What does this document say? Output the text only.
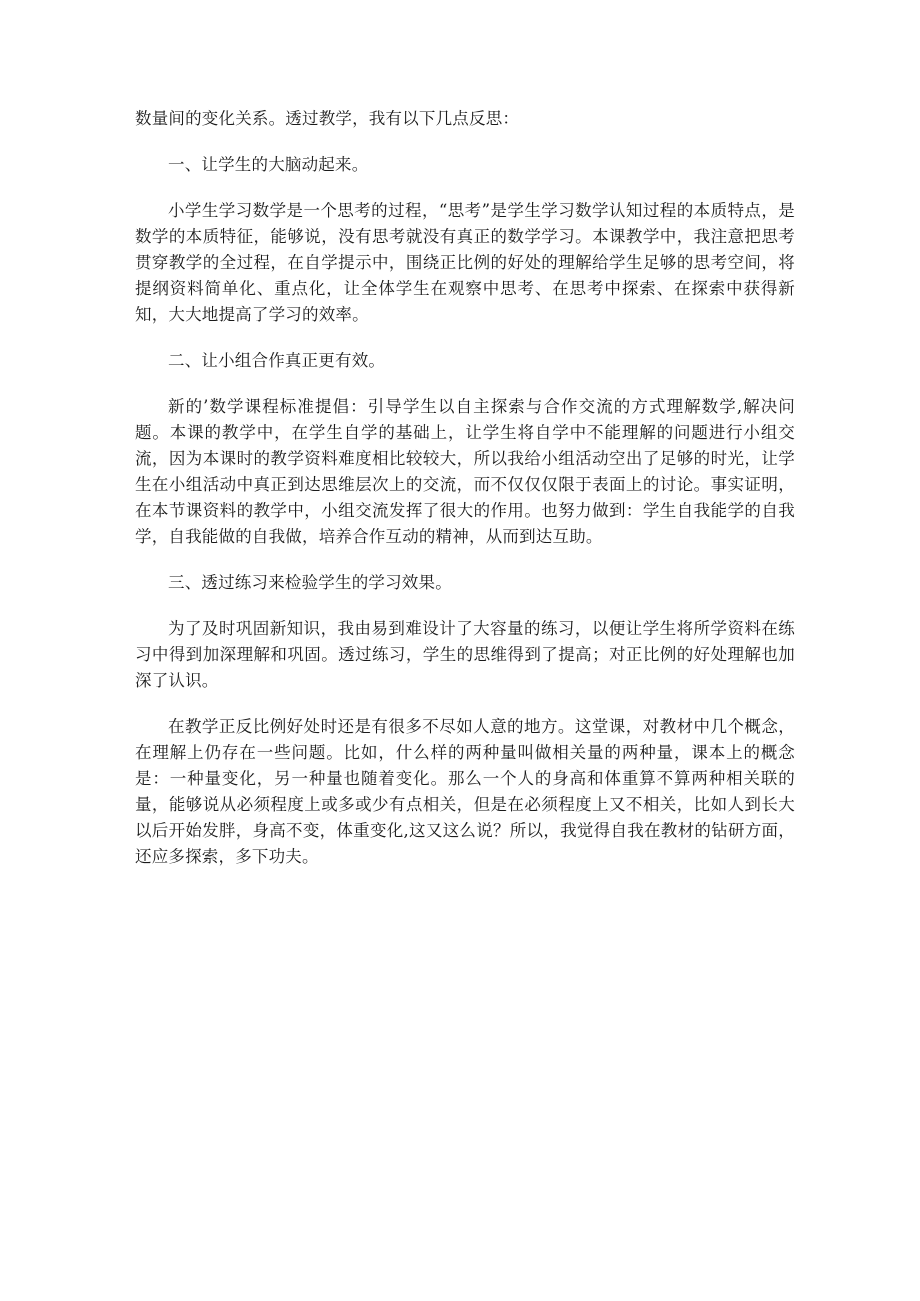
数量间的变化关系。透过教学，我有以下几点反思：

一、让学生的大脑动起来。

小学生学习数学是一个思考的过程，“思考”是学生学习数学认知过程的本质特点，是数学的本质特征，能够说，没有思考就没有真正的数学学习。本课教学中，我注意把思考贯穿教学的全过程，在自学提示中，围绕正比例的好处的理解给学生足够的思考空间，将提纲资料简单化、重点化，让全体学生在观察中思考、在思考中探索、在探索中获得新知，大大地提高了学习的效率。

二、让小组合作真正更有效。

新的’数学课程标准提倡：引导学生以自主探索与合作交流的方式理解数学,解决问题。本课的教学中，在学生自学的基础上，让学生将自学中不能理解的问题进行小组交流，因为本课时的教学资料难度相比较较大，所以我给小组活动空出了足够的时光，让学生在小组活动中真正到达思维层次上的交流，而不仅仅仅限于表面上的讨论。事实证明，在本节课资料的教学中，小组交流发挥了很大的作用。也努力做到：学生自我能学的自我学，自我能做的自我做，培养合作互动的精神，从而到达互助。

三、透过练习来检验学生的学习效果。

为了及时巩固新知识，我由易到难设计了大容量的练习，以便让学生将所学资料在练习中得到加深理解和巩固。透过练习，学生的思维得到了提高；对正比例的好处理解也加深了认识。

在教学正反比例好处时还是有很多不尽如人意的地方。这堂课，对教材中几个概念，在理解上仍存在一些问题。比如，什么样的两种量叫做相关量的两种量，课本上的概念是：一种量变化，另一种量也随着变化。那么一个人的身高和体重算不算两种相关联的量，能够说从必须程度上或多或少有点相关，但是在必须程度上又不相关，比如人到长大以后开始发胖，身高不变，体重变化,这又这么说？所以，我觉得自我在教材的钻研方面，还应多探索，多下功夫。
